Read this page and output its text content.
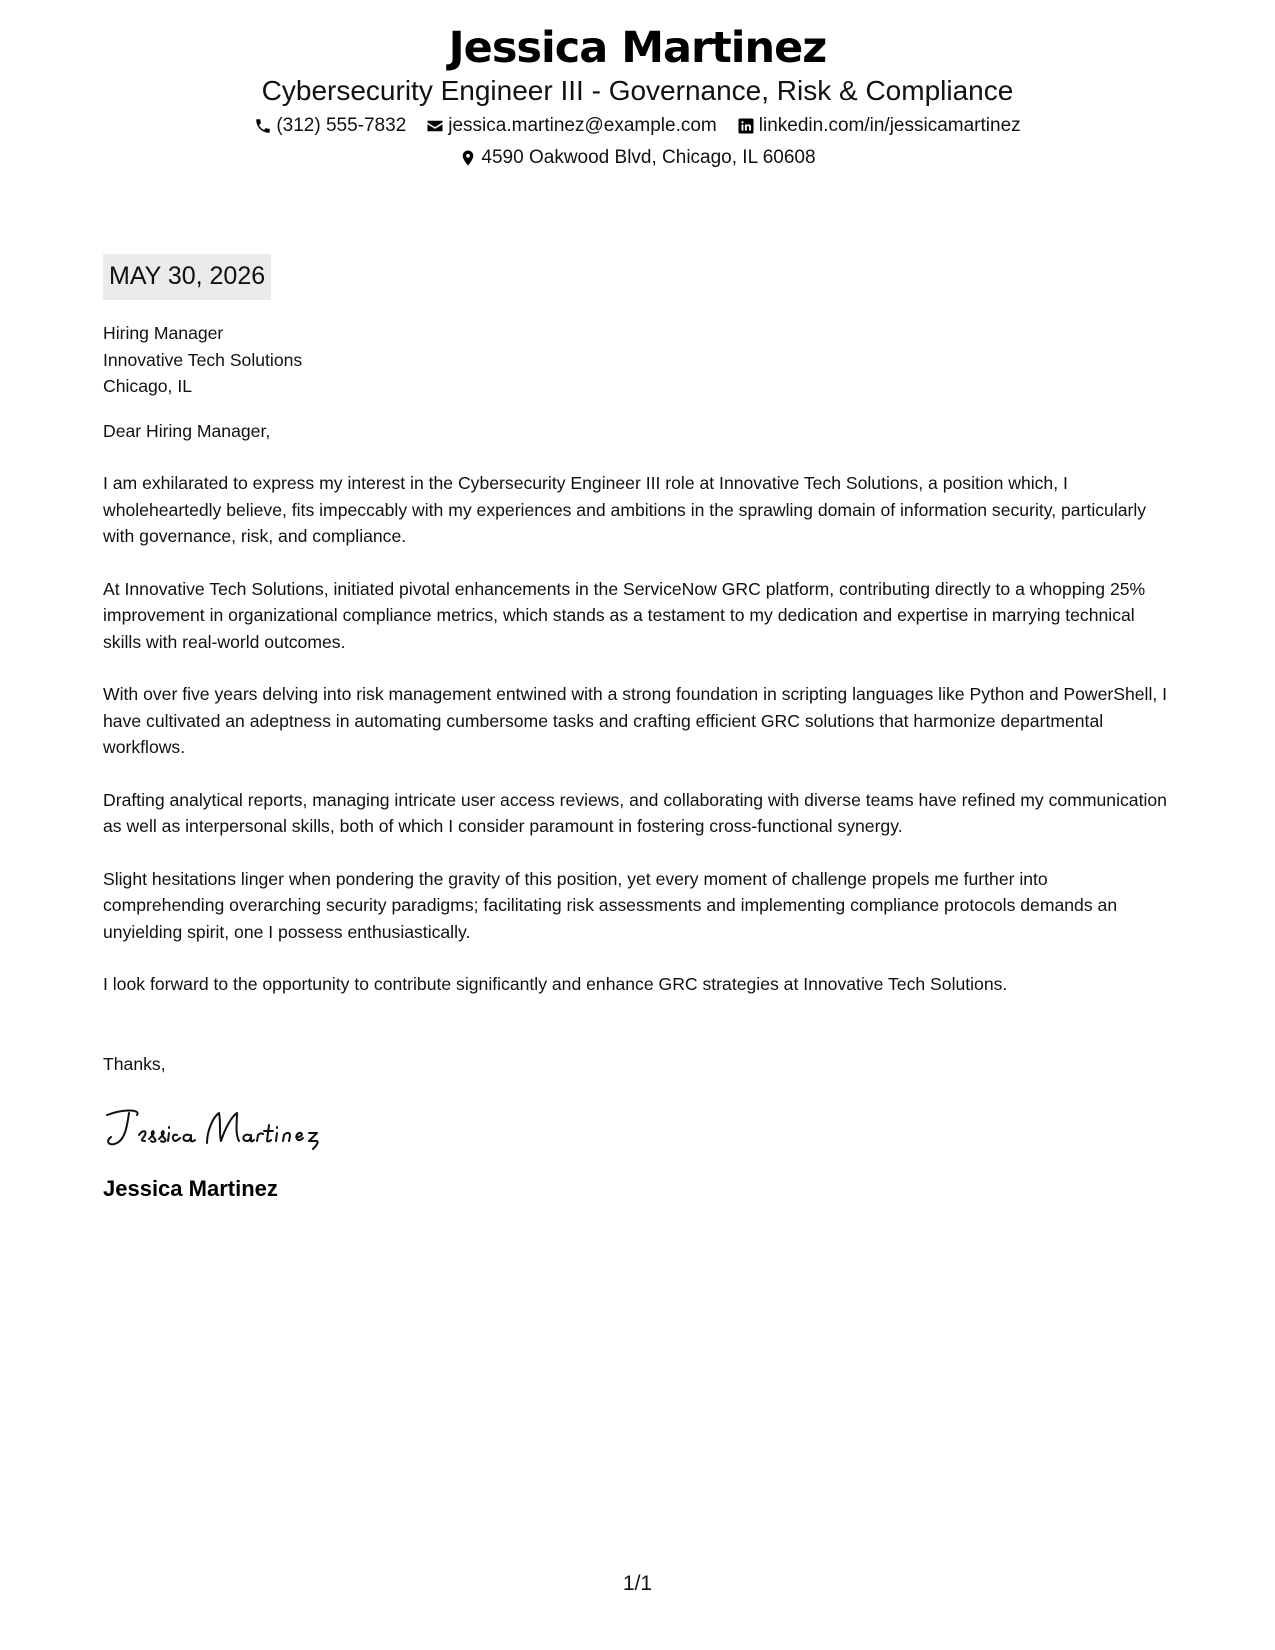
Jessica Martinez

Cybersecurity Engineer III - Governance, Risk & Compliance

(312) 555-7832 jessica.martinez@example.com linkedin.com/in/jessicamartinez
4590 Oakwood Blvd, Chicago, IL 60608
MAY 30, 2026

Hiring Manager

Innovative Tech Solutions

Chicago, IL

Dear Hiring Manager,

I am exhilarated to express my interest in the Cybersecurity Engineer III role at Innovative Tech Solutions, a position which, I wholeheartedly believe, fits impeccably with my experiences and ambitions in the sprawling domain of information security, particularly with governance, risk, and compliance.

At Innovative Tech Solutions, initiated pivotal enhancements in the ServiceNow GRC platform, contributing directly to a whopping 25% improvement in organizational compliance metrics, which stands as a testament to my dedication and expertise in marrying technical skills with real-world outcomes.

With over five years delving into risk management entwined with a strong foundation in scripting languages like Python and PowerShell, I have cultivated an adeptness in automating cumbersome tasks and crafting efficient GRC solutions that harmonize departmental workflows.

Drafting analytical reports, managing intricate user access reviews, and collaborating with diverse teams have refined my communication as well as interpersonal skills, both of which I consider paramount in fostering cross-functional synergy.

Slight hesitations linger when pondering the gravity of this position, yet every moment of challenge propels me further into comprehending overarching security paradigms; facilitating risk assessments and implementing compliance protocols demands an unyielding spirit, one I possess enthusiastically.

I look forward to the opportunity to contribute significantly and enhance GRC strategies at Innovative Tech Solutions.

Thanks,

Jessica Martinez
1/1
